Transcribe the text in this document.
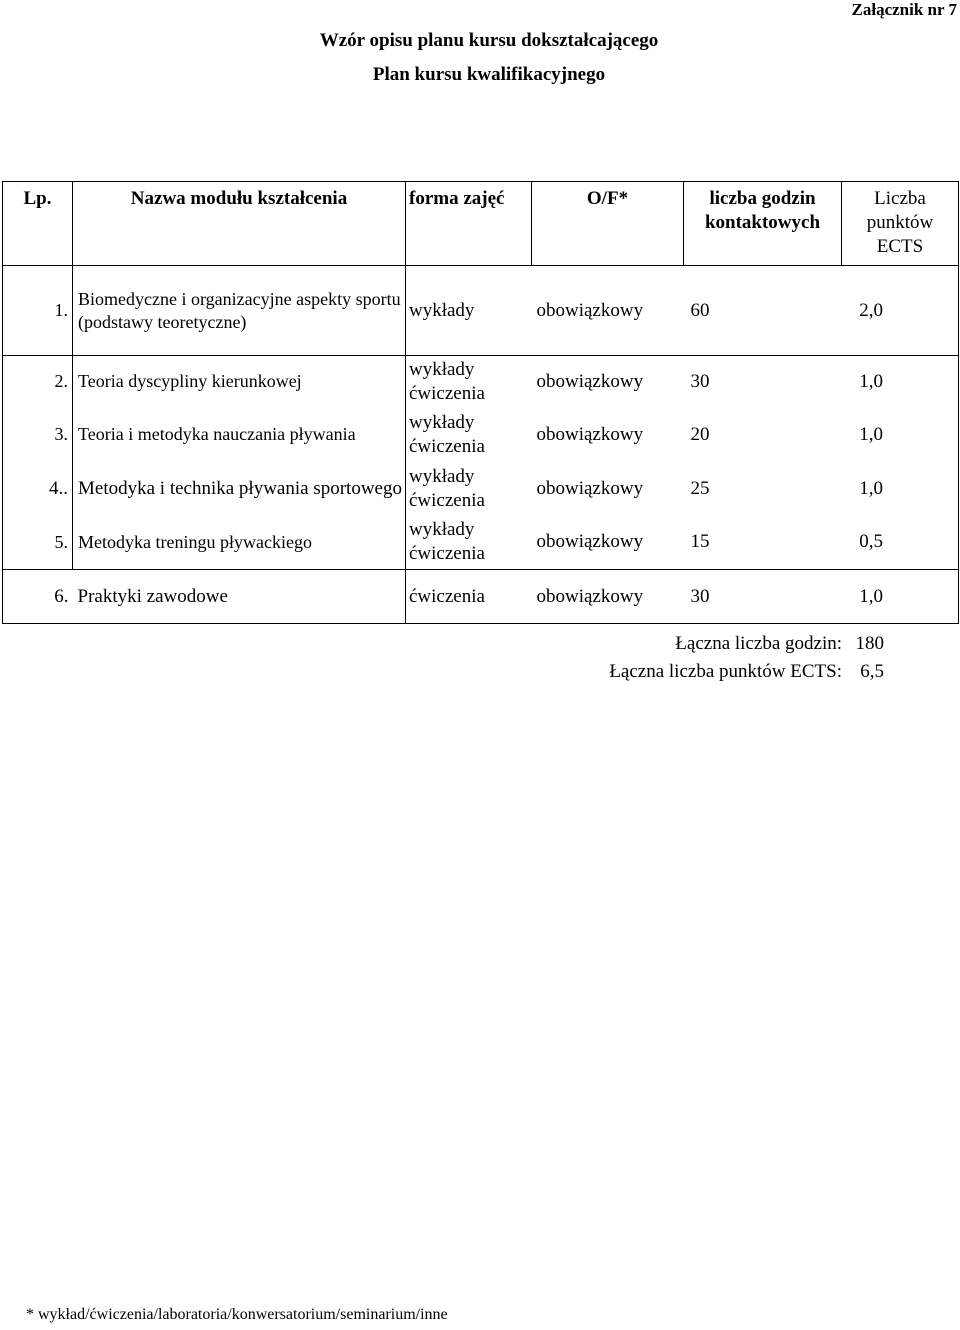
Załącznik nr 7
Wzór opisu planu kursu dokształcającego
Plan kursu kwalifikacyjnego
Lp.	Nazwa modułu kształcenia	forma zajęć	O/F*	liczba godzin kontaktowych	Liczba punktów ECTS
1.	Biomedyczne i organizacyjne aspekty sportu (podstawy teoretyczne)	wykłady	obowiązkowy	60	2,0
2.	Teoria dyscypliny kierunkowej	wykłady ćwiczenia	obowiązkowy	30	1,0
3.	Teoria i metodyka nauczania pływania	wykłady ćwiczenia	obowiązkowy	20	1,0
4..	Metodyka i technika pływania sportowego	wykłady ćwiczenia	obowiązkowy	25	1,0
5.	Metodyka treningu pływackiego	wykłady ćwiczenia	obowiązkowy	15	0,5
6.	Praktyki zawodowe	ćwiczenia	obowiązkowy	30	1,0
Łączna liczba godzin: 180
Łączna liczba punktów ECTS: 6,5
* wykład/ćwiczenia/laboratoria/konwersatorium/seminarium/inne
